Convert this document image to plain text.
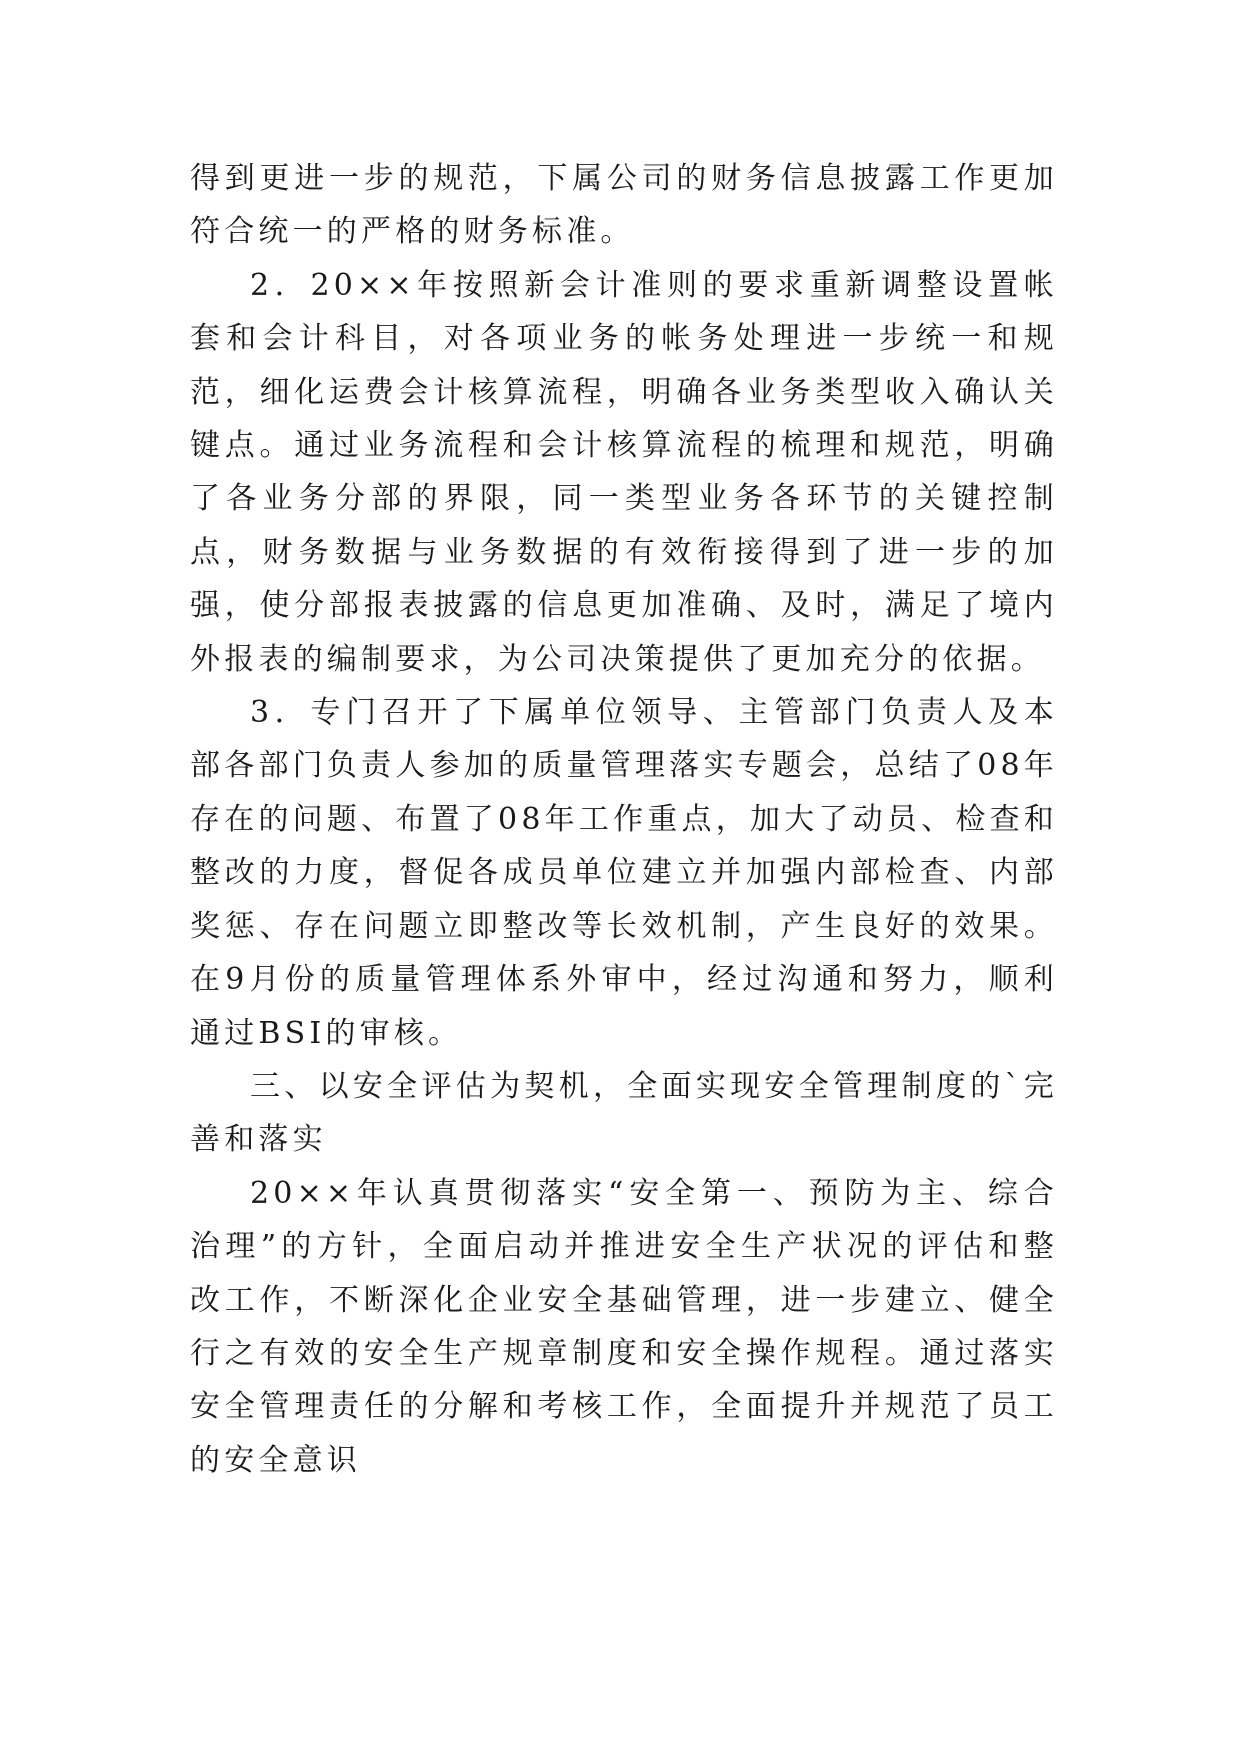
得到更进一步的规范，下属公司的财务信息披露工作更加符合统一的严格的财务标准。

2．20××年按照新会计准则的要求重新调整设置帐套和会计科目，对各项业务的帐务处理进一步统一和规范，细化运费会计核算流程，明确各业务类型收入确认关键点。通过业务流程和会计核算流程的梳理和规范，明确了各业务分部的界限，同一类型业务各环节的关键控制点，财务数据与业务数据的有效衔接得到了进一步的加强，使分部报表披露的信息更加准确、及时，满足了境内外报表的编制要求，为公司决策提供了更加充分的依据。

3．专门召开了下属单位领导、主管部门负责人及本部各部门负责人参加的质量管理落实专题会，总结了08年存在的问题、布置了08年工作重点，加大了动员、检查和整改的力度，督促各成员单位建立并加强内部检查、内部奖惩、存在问题立即整改等长效机制，产生良好的效果。在9月份的质量管理体系外审中，经过沟通和努力，顺利通过BSI的审核。

三、以安全评估为契机，全面实现安全管理制度的`完善和落实

20××年认真贯彻落实“安全第一、预防为主、综合治理”的方针，全面启动并推进安全生产状况的评估和整改工作，不断深化企业安全基础管理，进一步建立、健全行之有效的安全生产规章制度和安全操作规程。通过落实安全管理责任的分解和考核工作，全面提升并规范了员工的安全意识
